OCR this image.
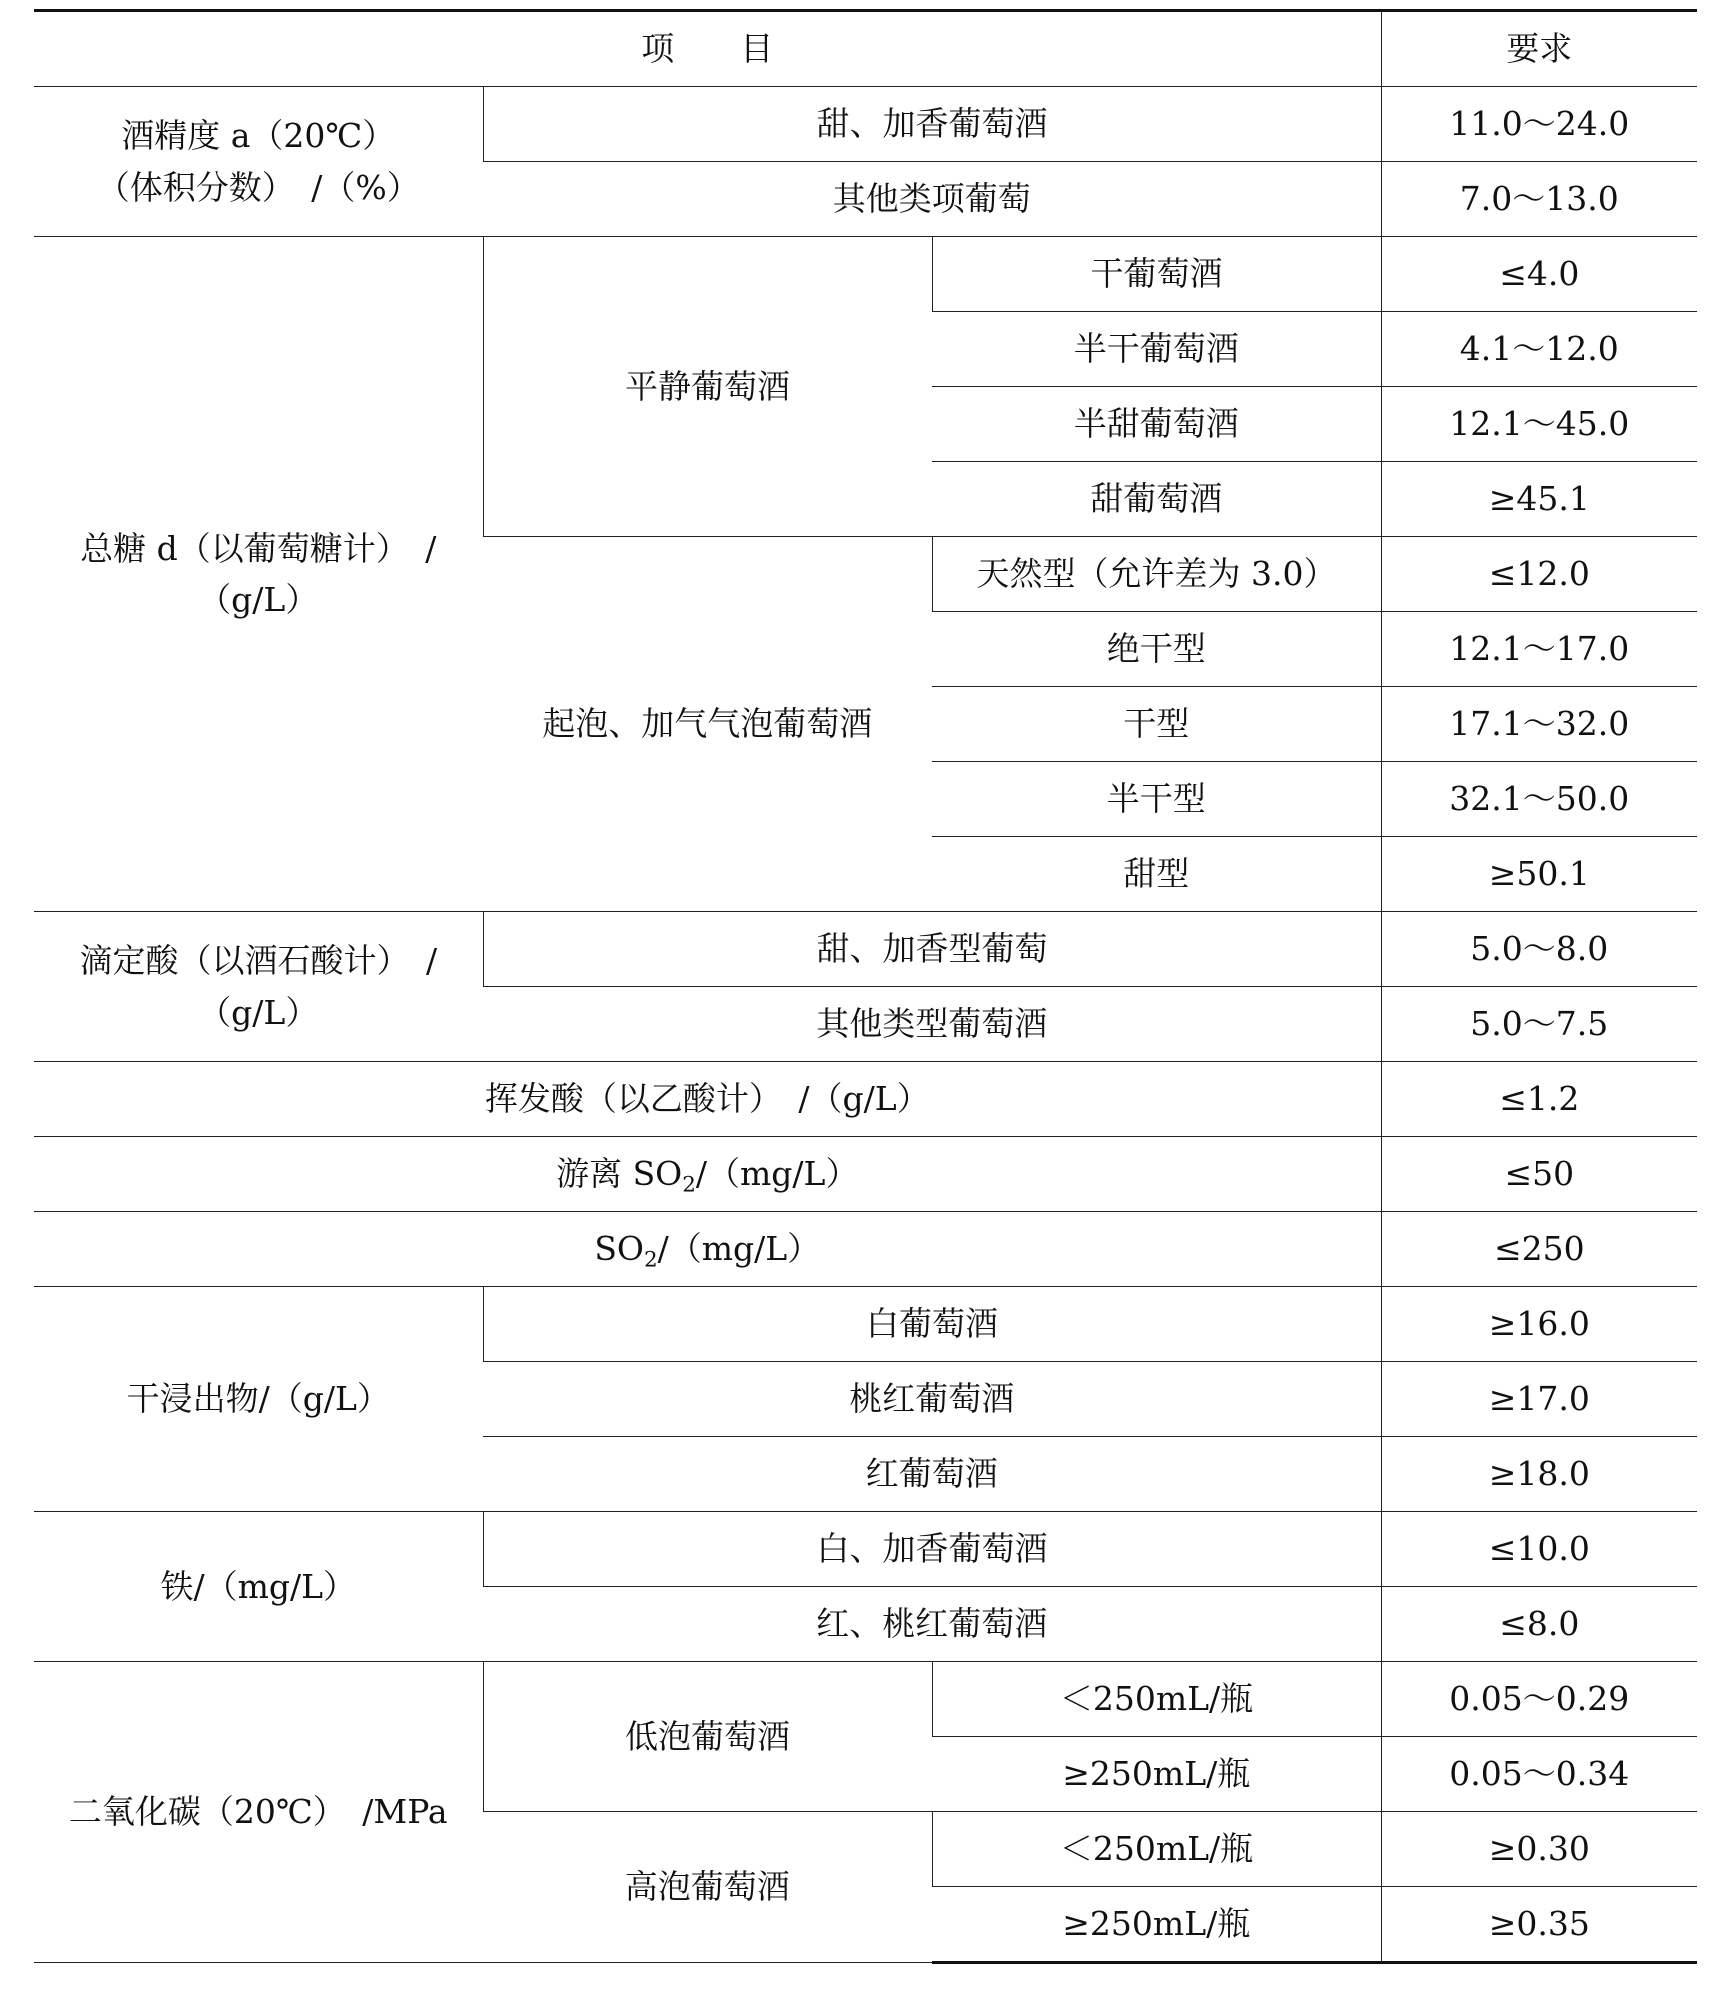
项　　目			要求

酒精度 a（20℃）
（体积分数）　/（%）	甜、加香葡萄酒		11.0～24.0
	其他类项葡萄		7.0～13.0

总糖 d（以葡萄糖计）　/
（g/L）	平静葡萄酒	干葡萄酒	≤4.0
		半干葡萄酒	4.1～12.0
		半甜葡萄酒	12.1～45.0
		甜葡萄酒	≥45.1
	起泡、加气气泡葡萄酒	天然型（允许差为 3.0）	≤12.0
		绝干型	12.1～17.0
		干型	17.1～32.0
		半干型	32.1～50.0
		甜型	≥50.1

滴定酸（以酒石酸计）　/
（g/L）	甜、加香型葡萄		5.0～8.0
	其他类型葡萄酒		5.0～7.5
挥发酸（以乙酸计）　/（g/L）			≤1.2
游离 $SO_2/(mg/L)$			≤50
$SO_2/(mg/L)$			≤250
干浸出物/（g/L）	白葡萄酒		≥16.0
	桃红葡萄酒		≥17.0
	红葡萄酒		≥18.0
铁/（mg/L）	白、加香葡萄酒		≤10.0
	红、桃红葡萄酒		≤8.0
二氧化碳（20℃）　/MPa	低泡葡萄酒	＜250mL/瓶	0.05～0.29
		≥250mL/瓶	0.05～0.34
	高泡葡萄酒	＜250mL/瓶	≥0.30
		≥250mL/瓶	≥0.35
